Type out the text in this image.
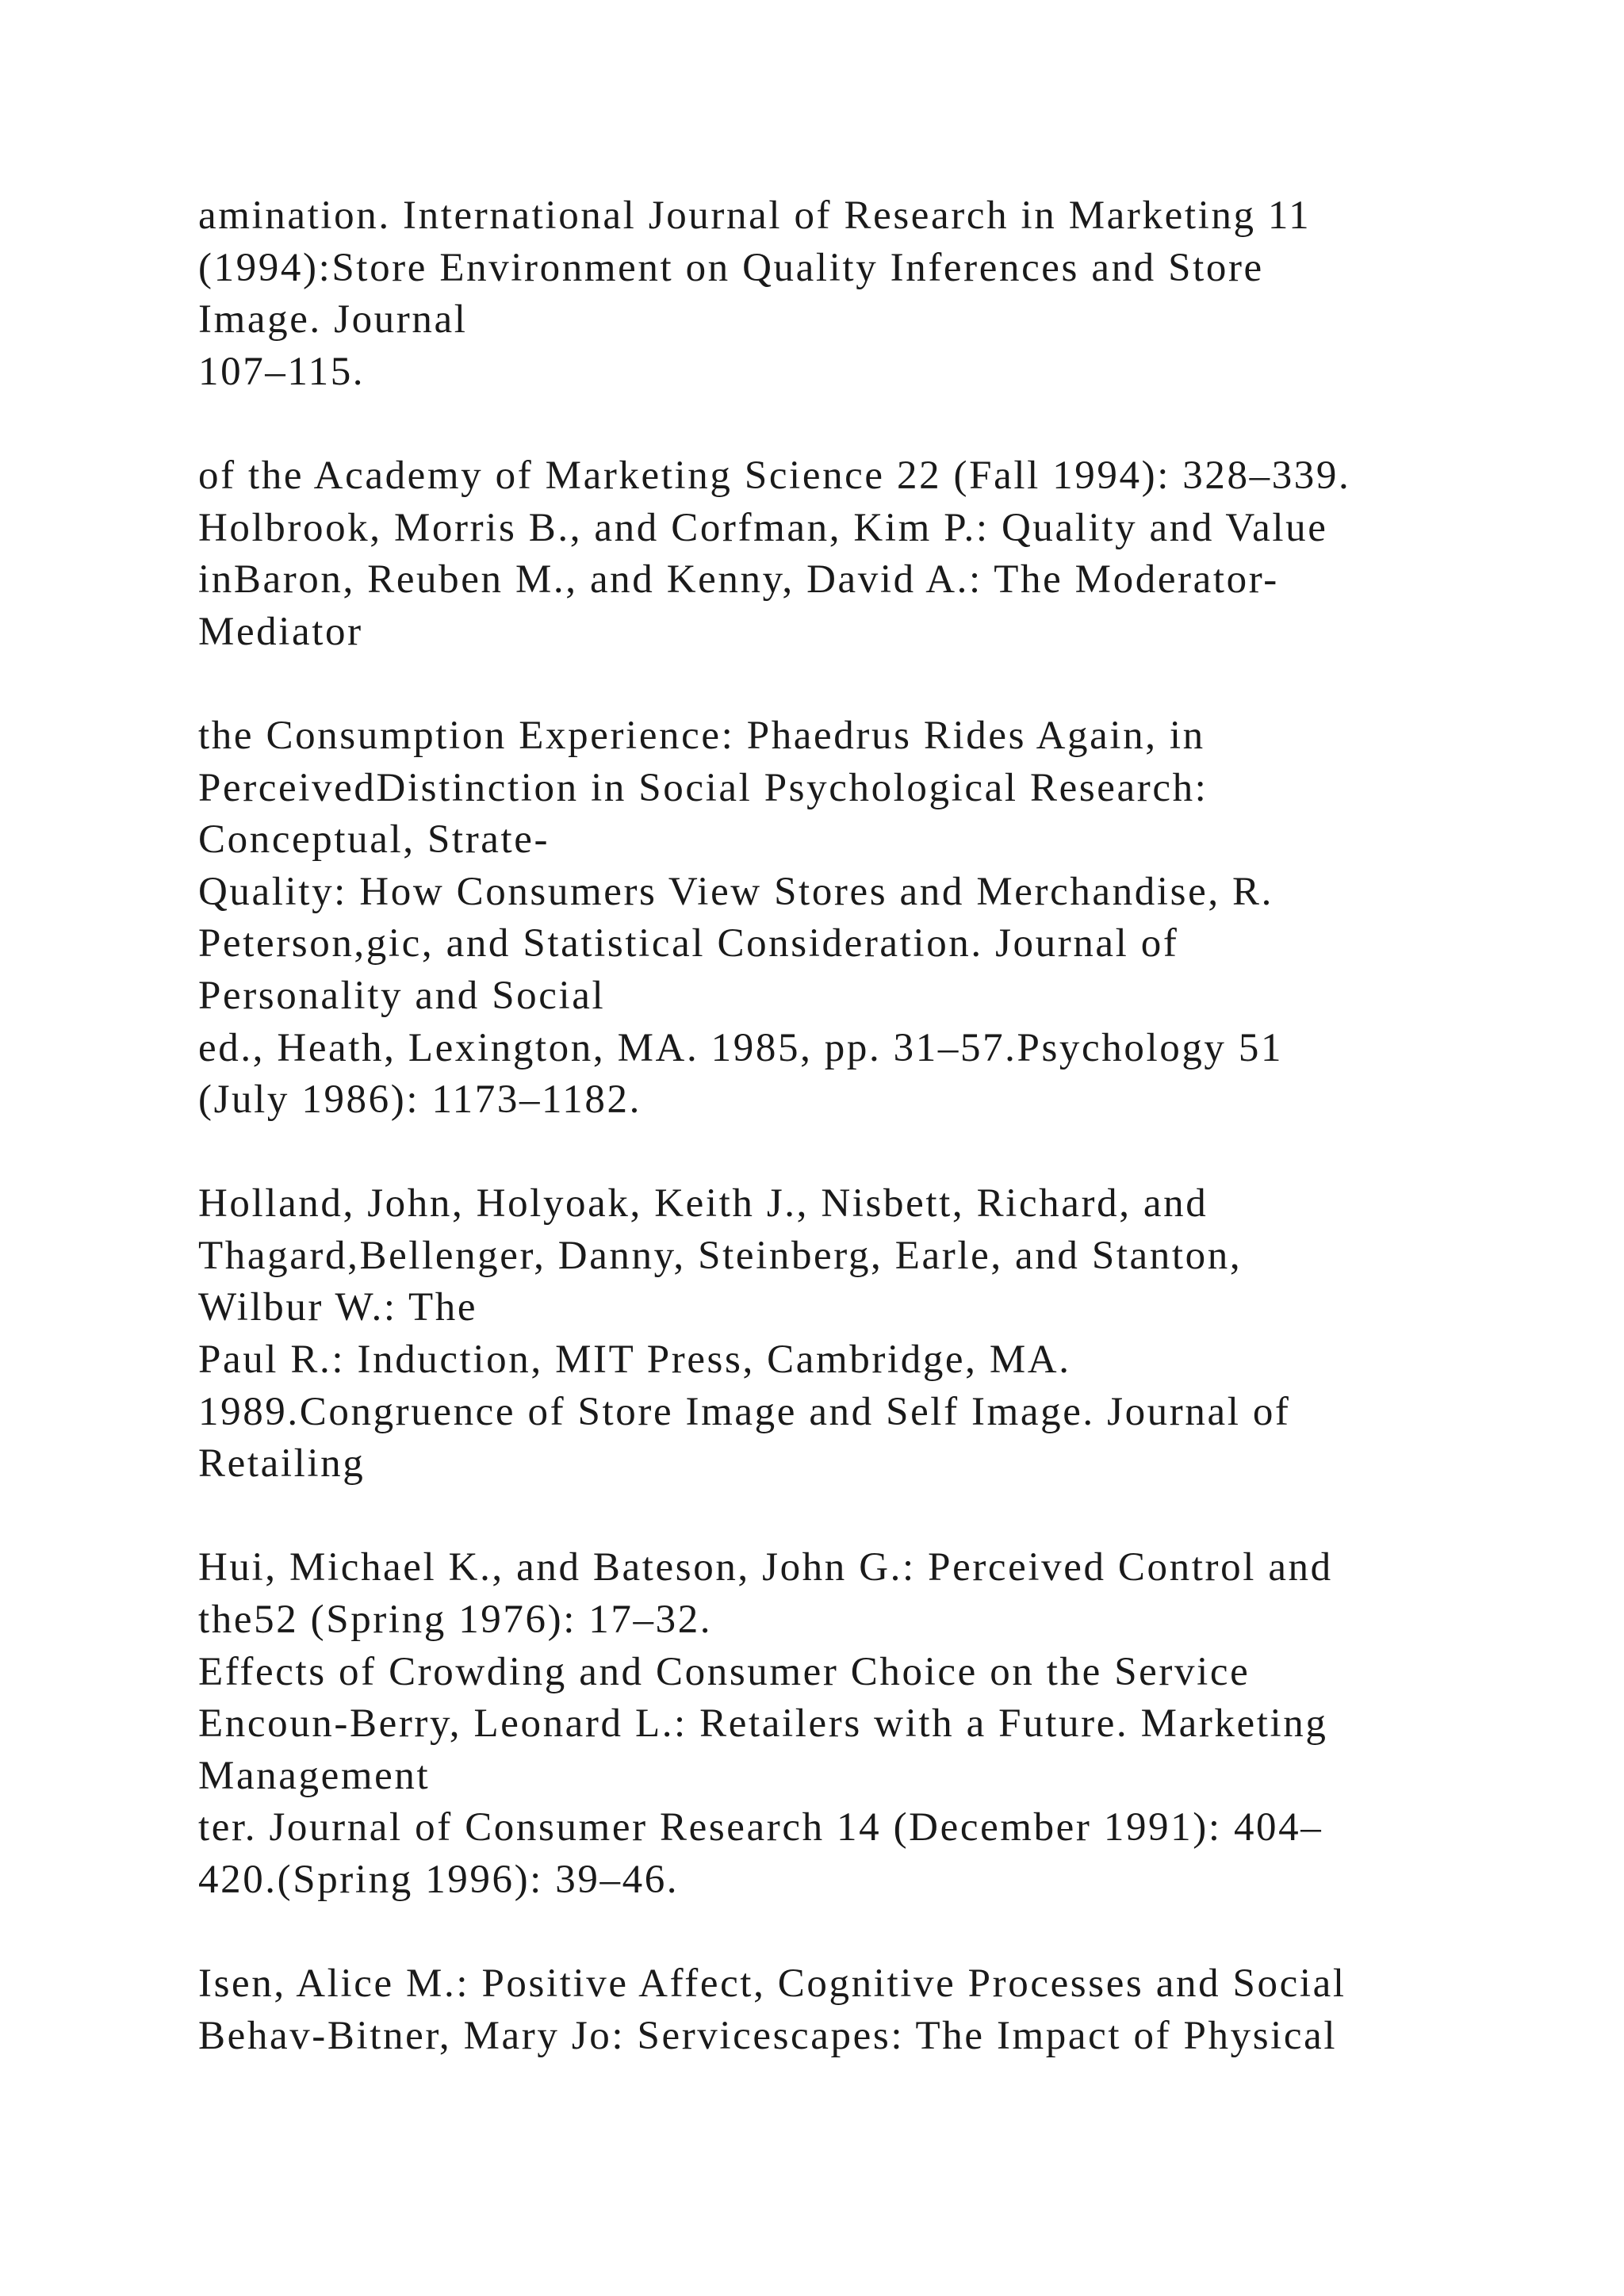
amination. International Journal of Research in Marketing 11
(1994):Store Environment on Quality Inferences and Store
Image. Journal
107–115.
of the Academy of Marketing Science 22 (Fall 1994): 328–339.
Holbrook, Morris B., and Corfman, Kim P.: Quality and Value
inBaron, Reuben M., and Kenny, David A.: The Moderator-
Mediator
the Consumption Experience: Phaedrus Rides Again, in
PerceivedDistinction in Social Psychological Research:
Conceptual, Strate-
Quality: How Consumers View Stores and Merchandise, R.
Peterson,gic, and Statistical Consideration. Journal of
Personality and Social
ed., Heath, Lexington, MA. 1985, pp. 31–57.Psychology 51
(July 1986): 1173–1182.
Holland, John, Holyoak, Keith J., Nisbett, Richard, and
Thagard,Bellenger, Danny, Steinberg, Earle, and Stanton,
Wilbur W.: The
Paul R.: Induction, MIT Press, Cambridge, MA.
1989.Congruence of Store Image and Self Image. Journal of
Retailing
Hui, Michael K., and Bateson, John G.: Perceived Control and
the52 (Spring 1976): 17–32.
Effects of Crowding and Consumer Choice on the Service
Encoun-Berry, Leonard L.: Retailers with a Future. Marketing
Management
ter. Journal of Consumer Research 14 (December 1991): 404–
420.(Spring 1996): 39–46.
Isen, Alice M.: Positive Affect, Cognitive Processes and Social
Behav-Bitner, Mary Jo: Servicescapes: The Impact of Physical
